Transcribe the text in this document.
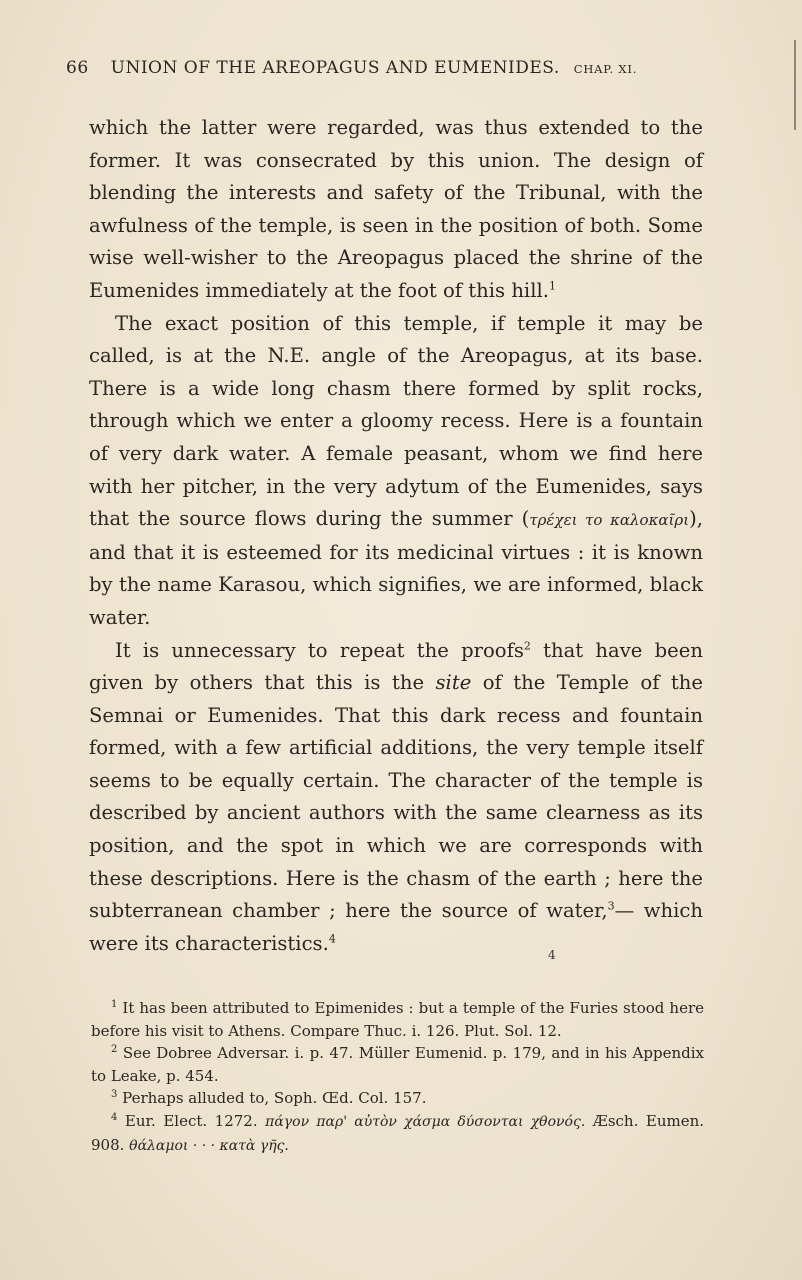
66 UNION OF THE AREOPAGUS AND EUMENIDES. CHAP. XI.

which the latter were regarded, was thus extended to the former. It was consecrated by this union. The design of blending the interests and safety of the Tribunal, with the awfulness of the temple, is seen in the position of both. Some wise well-wisher to the Areopagus placed the shrine of the Eumenides immediately at the foot of this hill.$^1$

The exact position of this temple, if temple it may be called, is at the N.E. angle of the Areopagus, at its base. There is a wide long chasm there formed by split rocks, through which we enter a gloomy recess. Here is a fountain of very dark water. A female peasant, whom we find here with her pitcher, in the very adytum of the Eumenides, says that the source flows during the summer (τρέχει το καλοκαῖρι), and that it is esteemed for its medicinal virtues : it is known by the name Karasou, which signifies, we are informed, black water.

It is unnecessary to repeat the proofs$^2$ that have been given by others that this is the site of the Temple of the Semnai or Eumenides. That this dark recess and fountain formed, with a few artificial additions, the very temple itself seems to be equally certain. The character of the temple is described by ancient authors with the same clearness as its position, and the spot in which we are corresponds with these descriptions. Here is the chasm of the earth ; here the subterranean chamber ; here the source of water,$^3$— which were its characteristics.$^4$

4

$^1$ It has been attributed to Epimenides : but a temple of the Furies stood here before his visit to Athens. Compare Thuc. i. 126. Plut. Sol. 12.

$^2$ See Dobree Adversar. i. p. 47. Müller Eumenid. p. 179, and in his Appendix to Leake, p. 454.

$^3$ Perhaps alluded to, Soph. Œd. Col. 157.

$^4$ Eur. Elect. 1272. πάγον παρ' αὐτὸν χάσμα δύσονται χθονός. Æsch. Eumen. 908. θάλαμοι · · · κατὰ γῆς.
